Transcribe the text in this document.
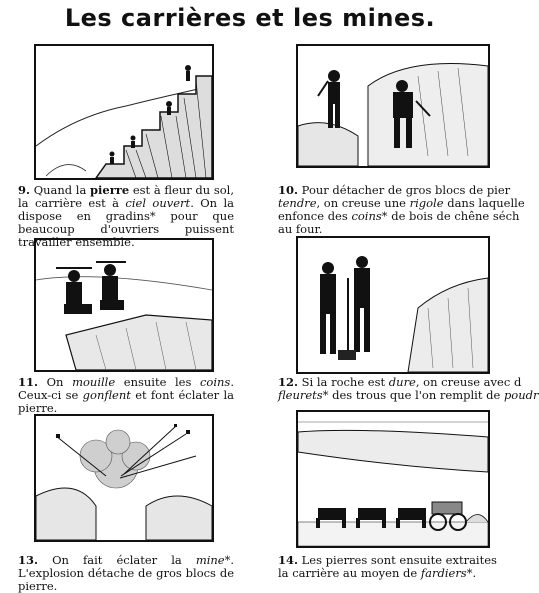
Les carrières et les mines.
9. Quand la pierre est à fleur du sol, la carrière est à ciel ouvert. On la dispose en gradins* pour que beaucoup d'ouvriers puissent travailler ensemble.
10. Pour détacher de gros blocs de pier
tendre, on creuse une rigole dans laquelle
enfonce des coins* de bois de chêne séch
au four.
11. On mouille ensuite les coins. Ceux-ci se gonflent et font éclater la pierre.
12. Si la roche est dure, on creuse avec d
fleurets* des trous que l'on remplit de poudr
13. On fait éclater la mine*. L'explosion détache de gros blocs de pierre.
14. Les pierres sont ensuite extraites
la carrière au moyen de fardiers*.
